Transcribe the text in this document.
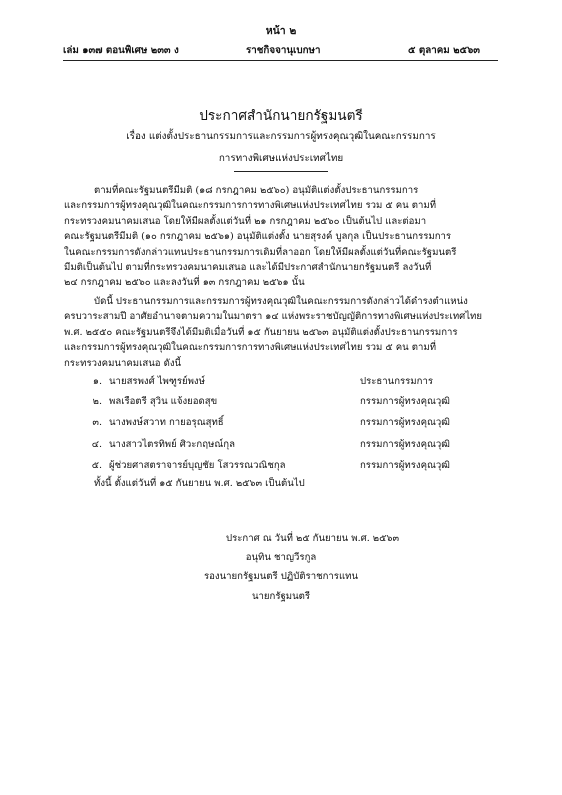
หน้า ๒
เล่ม ๑๓๗ ตอนพิเศษ ๒๓๓ ง	ราชกิจจานุเบกษา	๕ ตุลาคม ๒๕๖๓
ประกาศสำนักนายกรัฐมนตรี
เรื่อง แต่งตั้งประธานกรรมการและกรรมการผู้ทรงคุณวุฒิในคณะกรรมการ
การทางพิเศษแห่งประเทศไทย
ตามที่คณะรัฐมนตรีมีมติ (๑๘ กรกฎาคม ๒๕๖๐) อนุมัติแต่งตั้งประธานกรรมการ
และกรรมการผู้ทรงคุณวุฒิในคณะกรรมการการทางพิเศษแห่งประเทศไทย รวม ๕ คน ตามที่
กระทรวงคมนาคมเสนอ โดยให้มีผลตั้งแต่วันที่ ๒๑ กรกฎาคม ๒๕๖๐ เป็นต้นไป และต่อมา
คณะรัฐมนตรีมีมติ (๑๐ กรกฎาคม ๒๕๖๑) อนุมัติแต่งตั้ง นายสุรงค์ บูลกุล เป็นประธานกรรมการ
ในคณะกรรมการดังกล่าวแทนประธานกรรมการเดิมที่ลาออก โดยให้มีผลตั้งแต่วันที่คณะรัฐมนตรี
มีมติเป็นต้นไป ตามที่กระทรวงคมนาคมเสนอ และได้มีประกาศสำนักนายกรัฐมนตรี ลงวันที่
๒๔ กรกฎาคม ๒๕๖๐ และลงวันที่ ๑๓ กรกฎาคม ๒๕๖๑ นั้น
บัดนี้ ประธานกรรมการและกรรมการผู้ทรงคุณวุฒิในคณะกรรมการดังกล่าวได้ดำรงตำแหน่ง
ครบวาระสามปี อาศัยอำนาจตามความในมาตรา ๑๔ แห่งพระราชบัญญัติการทางพิเศษแห่งประเทศไทย
พ.ศ. ๒๕๕๐ คณะรัฐมนตรีจึงได้มีมติเมื่อวันที่ ๑๕ กันยายน ๒๕๖๓ อนุมัติแต่งตั้งประธานกรรมการ
และกรรมการผู้ทรงคุณวุฒิในคณะกรรมการการทางพิเศษแห่งประเทศไทย รวม ๕ คน ตามที่
กระทรวงคมนาคมเสนอ ดังนี้
๑. นายสรพงศ์ ไพฑูรย์พงษ์	ประธานกรรมการ
๒. พลเรือตรี สุวิน แจ้งยอดสุข	กรรมการผู้ทรงคุณวุฒิ
๓. นางพงษ์สวาท กายอรุณสุทธิ์	กรรมการผู้ทรงคุณวุฒิ
๔. นางสาวไตรทิพย์ ศิวะกฤษณ์กุล	กรรมการผู้ทรงคุณวุฒิ
๕. ผู้ช่วยศาสตราจารย์บุญชัย โสวรรณวณิชกุล	กรรมการผู้ทรงคุณวุฒิ
ทั้งนี้ ตั้งแต่วันที่ ๑๕ กันยายน พ.ศ. ๒๕๖๓ เป็นต้นไป
ประกาศ ณ วันที่ ๒๕ กันยายน พ.ศ. ๒๕๖๓
อนุทิน ชาญวีรกูล
รองนายกรัฐมนตรี ปฏิบัติราชการแทน
นายกรัฐมนตรี
